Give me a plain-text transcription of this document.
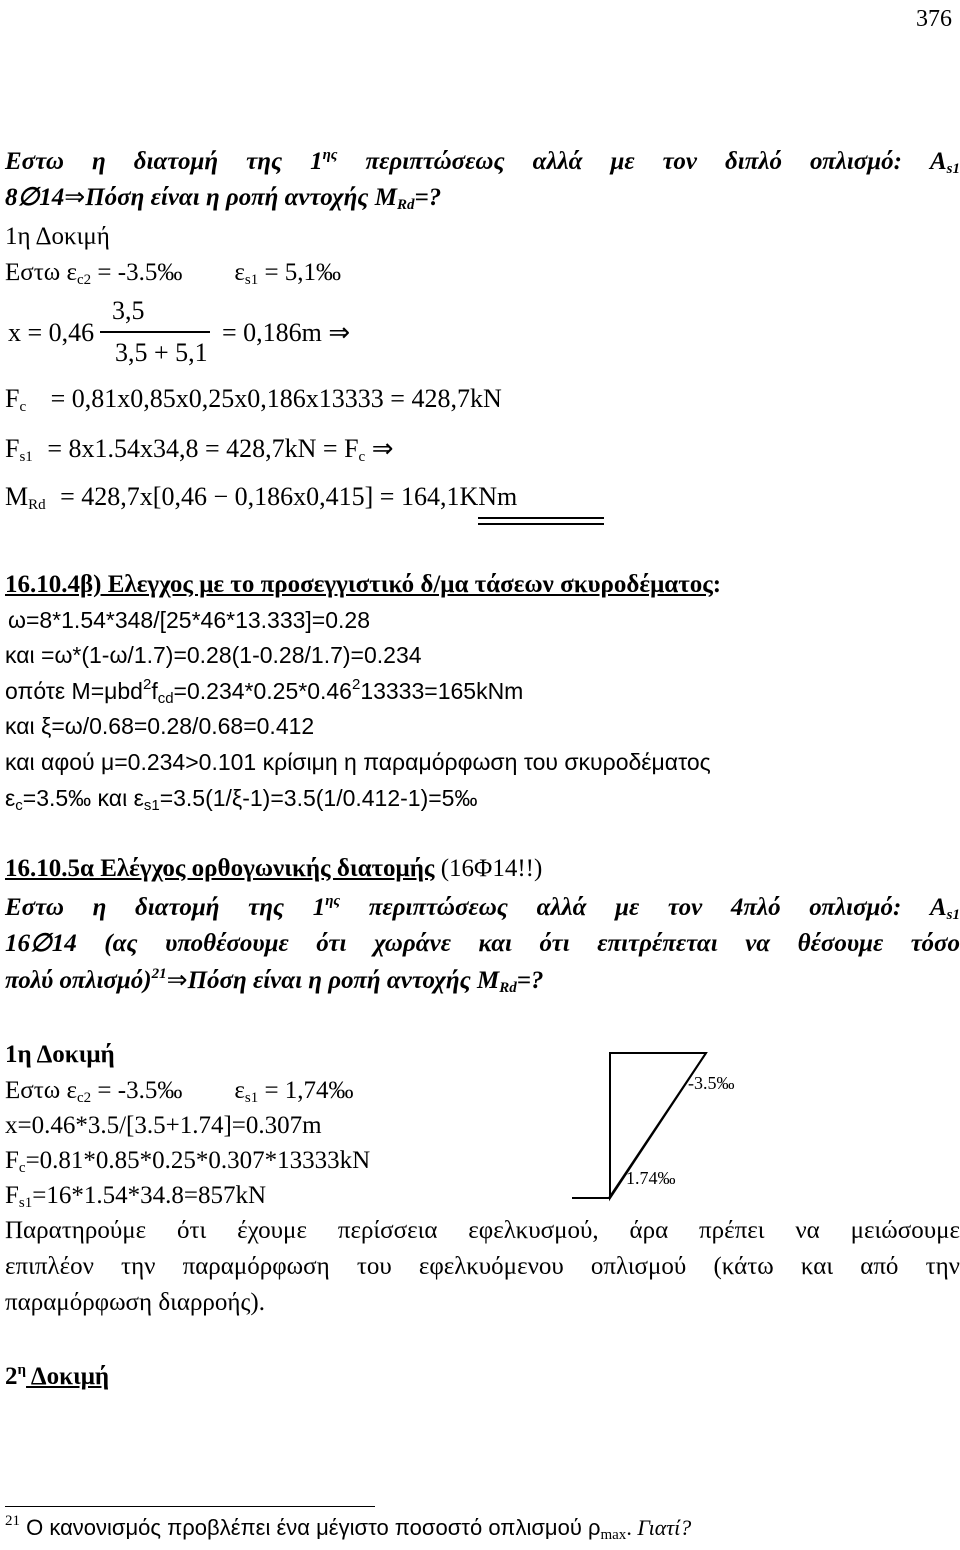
376
Εστω η διατομή της $1^{\eta\varsigma}$ περιπτώσεως αλλά με τον διπλό οπλισμό: $A_{s1}$
8∅14⇒Πόση είναι η ροπή αντοχής $M_{Rd}=$?
1η Δοκιμή
Εστω $\varepsilon_{c2}$ = -3.5‰ $\varepsilon_{s1}$ = 5,1‰
3,5
3,5 + 5,1
x = 0,46	= 0,186m ⇒
$F_c = 0,81x0,85x0,25x0,186x13333 = 428,7kN$
$F_{s1} = 8x1.54x34,8 = 428,7kN = F_c$ ⇒
$M_{Rd} = 428,7x[0,46 - 0,186x0,415] = 164,1KNm$
16.10.4β) Ελεγχος με το προσεγγιστικό δ/μα τάσεων σκυροδέματος:
ω=8*1.54*348/[25*46*13.333]=0.28
και =ω*(1-ω/1.7)=0.28(1-0.28/1.7)=0.234
οπότε $M=\mu bd^2f_{cd}=0.234*0.25*0.46^213333=165kNm$
και ξ=ω/0.68=0.28/0.68=0.412
και αφού μ=0.234>0.101 κρίσιμη η παραμόρφωση του σκυροδέματος
$\varepsilon_c=3.5‰$ και $\varepsilon_{s1}=3.5(1/\xi-1)=3.5(1/0.412-1)=5‰$
16.10.5α Ελέγχος ορθογωνικής διατομής (16Φ14!!)
Εστω η διατομή της $1^{\eta\varsigma}$ περιπτώσεως αλλά με τον 4πλό οπλισμό: $A_{s1}$
16∅14 (ας υποθέσουμε ότι χωράνε και ότι επιτρέπεται να θέσουμε τόσο
πολύ οπλισμό)$^{21}$⇒Πόση είναι η ροπή αντοχής $M_{Rd}=$?
1η Δοκιμή
Εστω $\varepsilon_{c2}$ = -3.5‰ $\varepsilon_{s1}$ = 1,74‰
x=0.46*3.5/[3.5+1.74]=0.307m
$F_c=0.81*0.85*0.25*0.307*13333kN$
$F_{s1}=16*1.54*34.8=857kN$
-3.5‰
1.74‰
Παρατηρούμε ότι έχουμε περίσσεια εφελκυσμού, άρα πρέπει να μειώσουμε
επιπλέον την παραμόρφωση του εφελκυόμενου οπλισμού (κάτω και από την
παραμόρφωση διαρροής).
$2^\eta$ Δοκιμή
$^{21}$ Ο κανονισμός προβλέπει ένα μέγιστο ποσοστό οπλισμού $\rho_{max}$. Γιατί?
